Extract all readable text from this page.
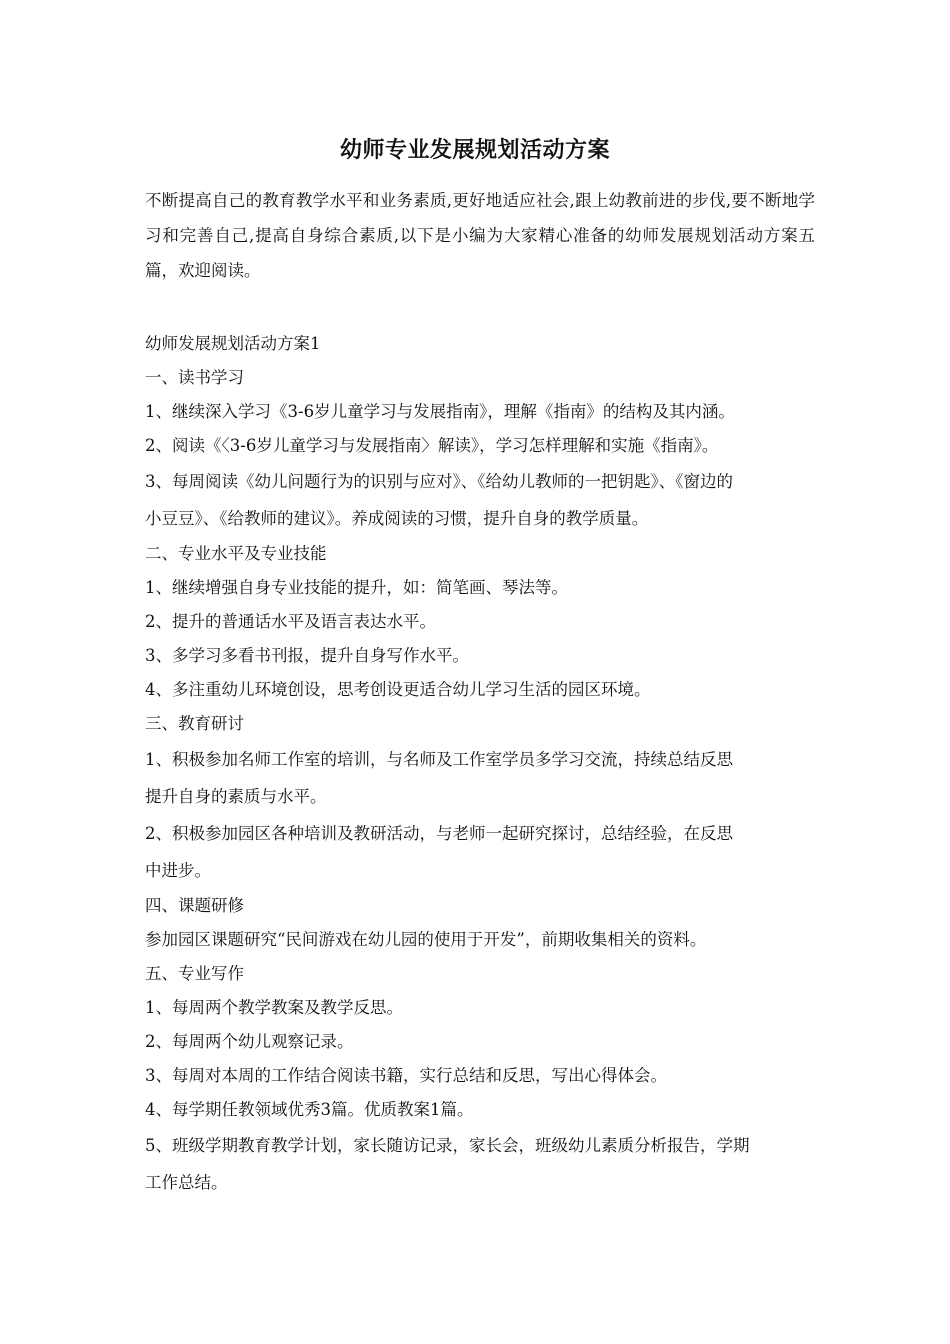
幼师专业发展规划活动方案
不断提高自己的教育教学水平和业务素质,更好地适应社会,跟上幼教前进的步伐,要不断地学习和完善自己,提高自身综合素质,以下是小编为大家精心准备的幼师发展规划活动方案五篇，欢迎阅读。
幼师发展规划活动方案1
一、读书学习
1、继续深入学习《3-6岁儿童学习与发展指南》，理解《指南》的结构及其内涵。
2、阅读《〈3-6岁儿童学习与发展指南〉解读》，学习怎样理解和实施《指南》。
3、每周阅读《幼儿问题行为的识别与应对》、《给幼儿教师的一把钥匙》、《窗边的
小豆豆》、《给教师的建议》。养成阅读的习惯，提升自身的教学质量。
二、专业水平及专业技能
1、继续增强自身专业技能的提升，如：简笔画、琴法等。
2、提升的普通话水平及语言表达水平。
3、多学习多看书刊报，提升自身写作水平。
4、多注重幼儿环境创设，思考创设更适合幼儿学习生活的园区环境。
三、教育研讨
1、积极参加名师工作室的培训，与名师及工作室学员多学习交流，持续总结反思
提升自身的素质与水平。
2、积极参加园区各种培训及教研活动，与老师一起研究探讨，总结经验，在反思
中进步。
四、课题研修
参加园区课题研究“民间游戏在幼儿园的使用于开发”，前期收集相关的资料。
五、专业写作
1、每周两个教学教案及教学反思。
2、每周两个幼儿观察记录。
3、每周对本周的工作结合阅读书籍，实行总结和反思，写出心得体会。
4、每学期任教领域优秀3篇。优质教案1篇。
5、班级学期教育教学计划，家长随访记录，家长会，班级幼儿素质分析报告，学期
工作总结。
